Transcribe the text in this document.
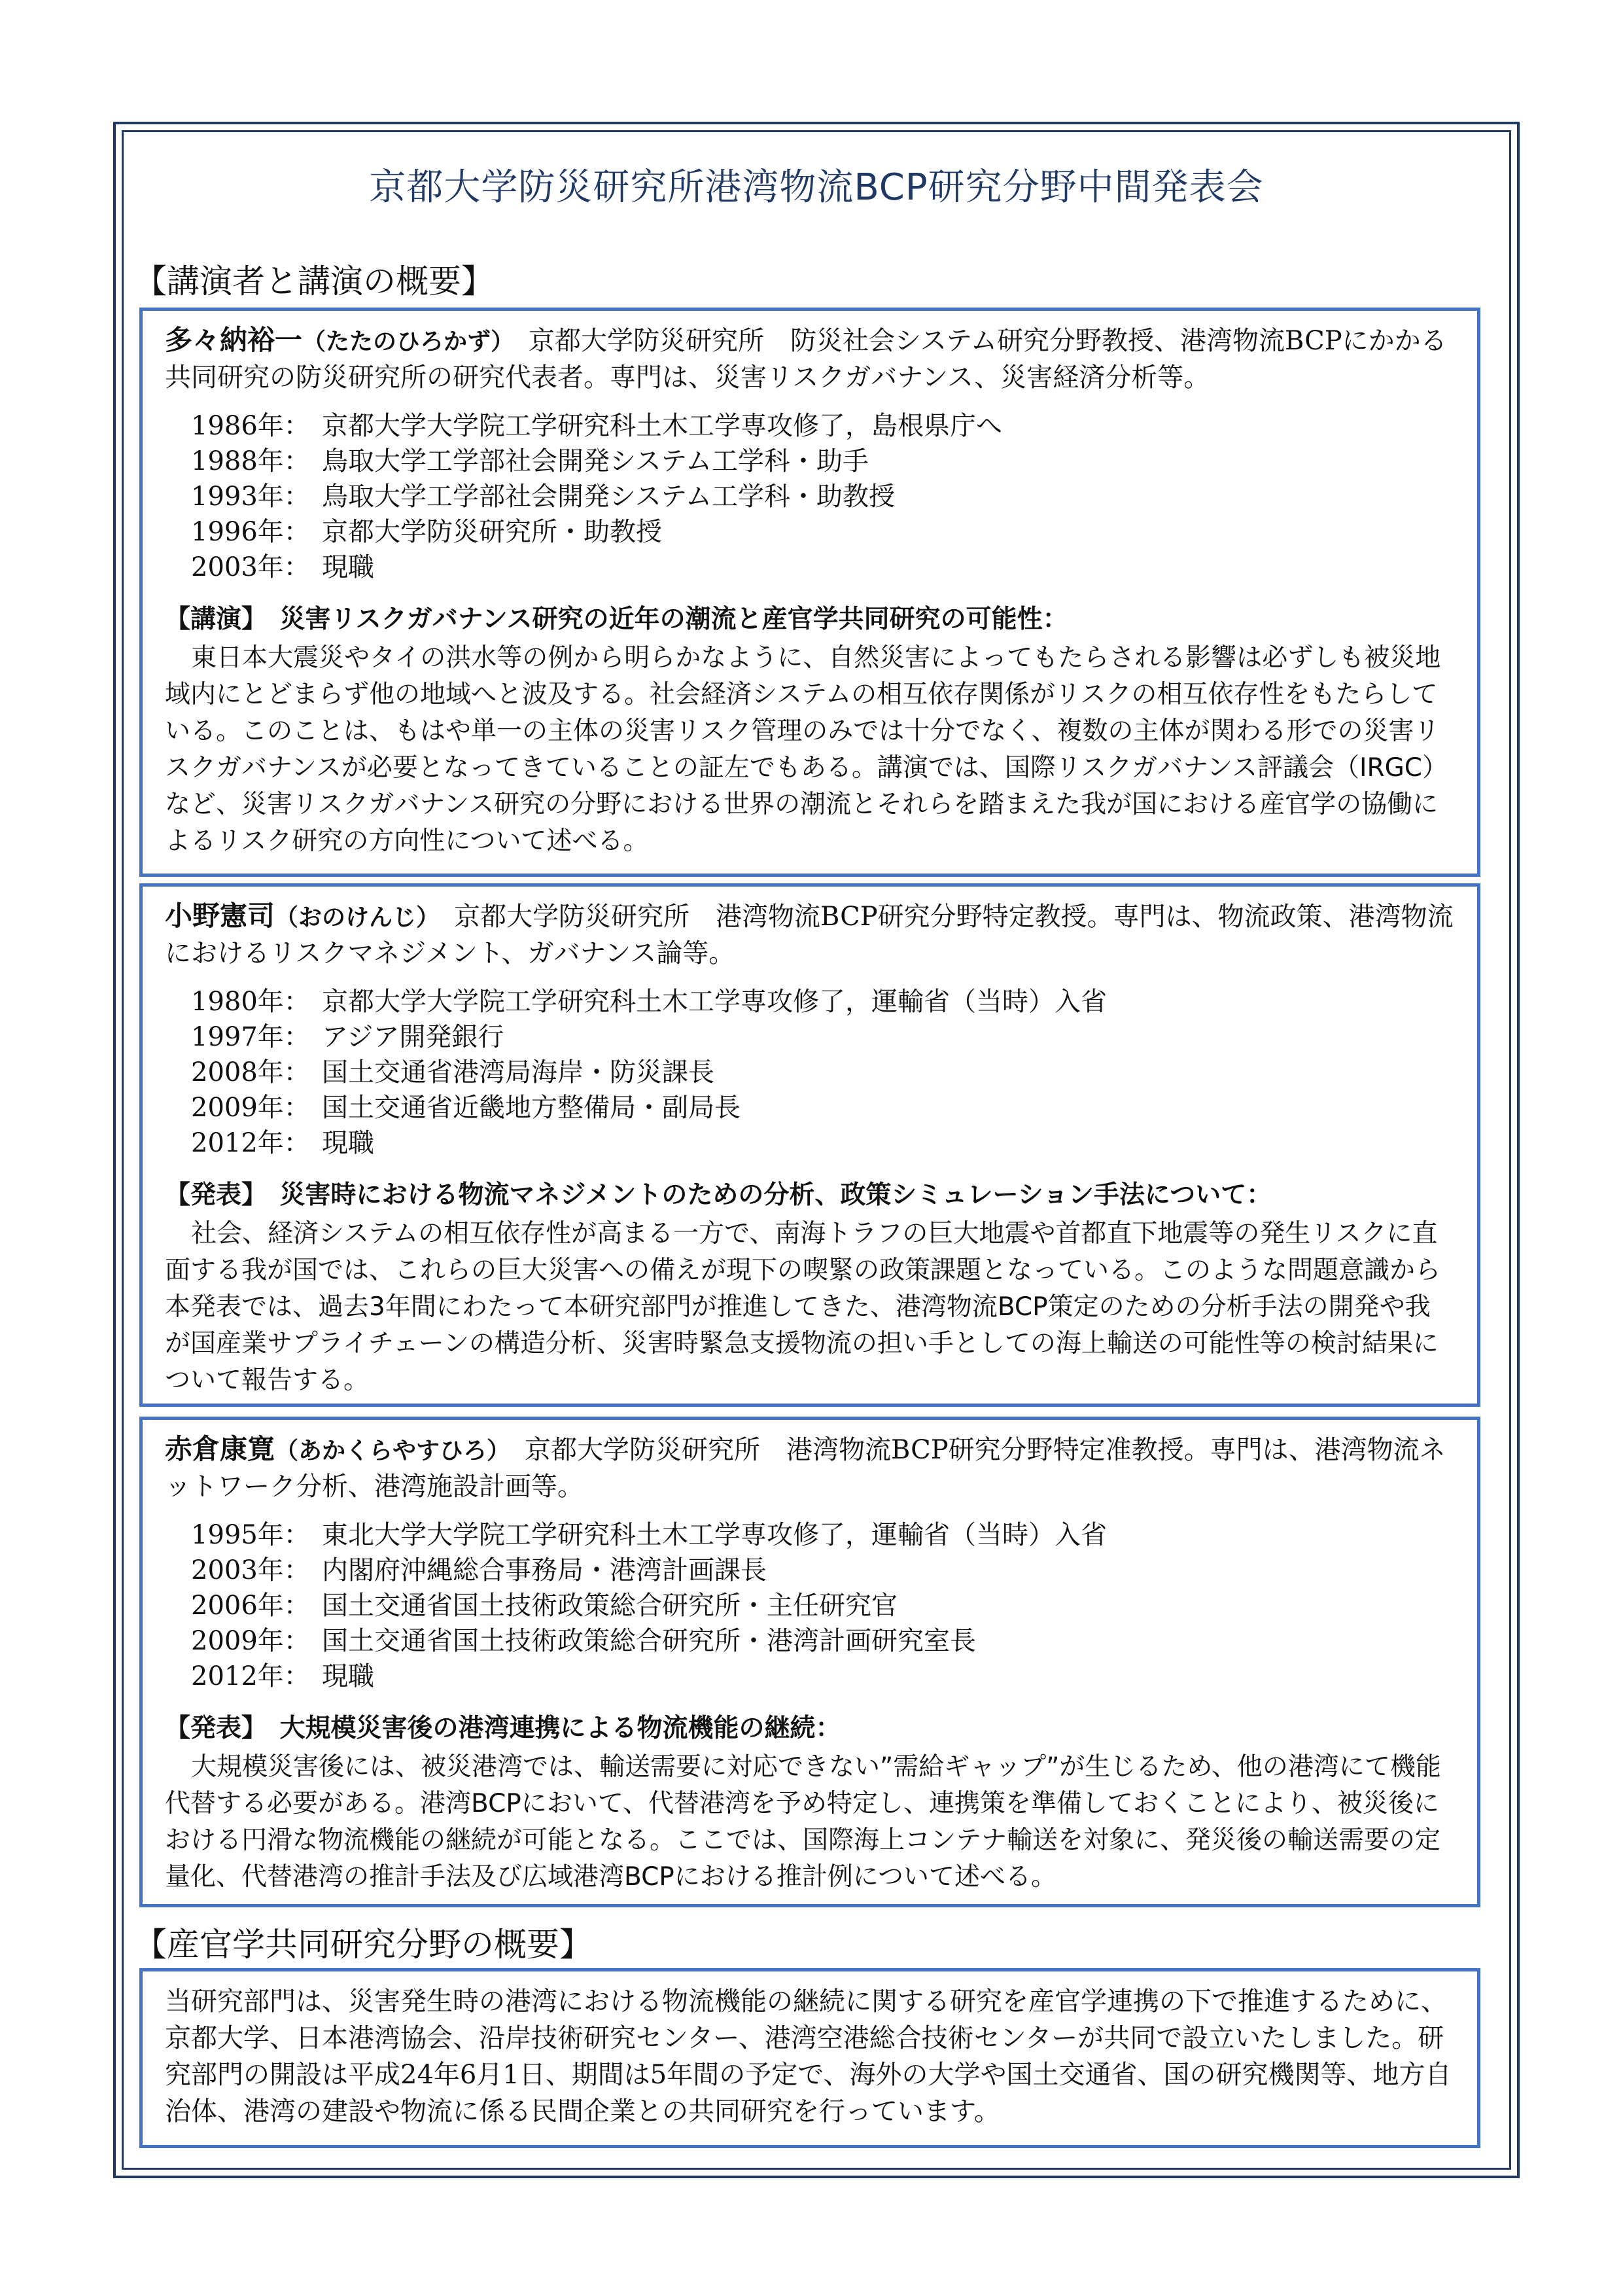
京都大学防災研究所港湾物流BCP研究分野中間発表会
【講演者と講演の概要】

多々納裕一（たたのひろかず）　 京都大学防災研究所　防災社会システム研究分野教授、港湾物流BCPにかかる共同研究の防災研究所の研究代表者。専門は、災害リスクガバナンス、災害経済分析等。

1986年： 京都大学大学院工学研究科土木工学専攻修了，島根県庁へ
1988年： 鳥取大学工学部社会開発システム工学科・助手
1993年： 鳥取大学工学部社会開発システム工学科・助教授
1996年： 京都大学防災研究所・助教授
2003年： 現職
【講演】　 災害リスクガバナンス研究の近年の潮流と産官学共同研究の可能性：

東日本大震災やタイの洪水等の例から明らかなように、自然災害によってもたらされる影響は必ずしも被災地域内にとどまらず他の地域へと波及する。社会経済システムの相互依存関係がリスクの相互依存性をもたらしている。このことは、もはや単一の主体の災害リスク管理のみでは十分でなく、複数の主体が関わる形での災害リスクガバナンスが必要となってきていることの証左でもある。講演では、国際リスクガバナンス評議会（IRGC）など、災害リスクガバナンス研究の分野における世界の潮流とそれらを踏まえた我が国における産官学の協働によるリスク研究の方向性について述べる。

小野憲司（おのけんじ）　 京都大学防災研究所　港湾物流BCP研究分野特定教授。専門は、物流政策、港湾物流におけるリスクマネジメント、ガバナンス論等。

1980年： 京都大学大学院工学研究科土木工学専攻修了，運輸省（当時）入省
1997年： アジア開発銀行
2008年： 国土交通省港湾局海岸・防災課長
2009年： 国土交通省近畿地方整備局・副局長
2012年： 現職
【発表】　 災害時における物流マネジメントのための分析、政策シミュレーション手法について：

社会、経済システムの相互依存性が高まる一方で、南海トラフの巨大地震や首都直下地震等の発生リスクに直面する我が国では、これらの巨大災害への備えが現下の喫緊の政策課題となっている。このような問題意識から本発表では、過去3年間にわたって本研究部門が推進してきた、港湾物流BCP策定のための分析手法の開発や我が国産業サプライチェーンの構造分析、災害時緊急支援物流の担い手としての海上輸送の可能性等の検討結果について報告する。

赤倉康寛（あかくらやすひろ）　 京都大学防災研究所　港湾物流BCP研究分野特定准教授。専門は、港湾物流ネットワーク分析、港湾施設計画等。

1995年： 東北大学大学院工学研究科土木工学専攻修了，運輸省（当時）入省
2003年： 内閣府沖縄総合事務局・港湾計画課長
2006年： 国土交通省国土技術政策総合研究所・主任研究官
2009年： 国土交通省国土技術政策総合研究所・港湾計画研究室長
2012年： 現職
【発表】　 大規模災害後の港湾連携による物流機能の継続：

大規模災害後には、被災港湾では、輸送需要に対応できない”需給ギャップ”が生じるため、他の港湾にて機能代替する必要がある。港湾BCPにおいて、代替港湾を予め特定し、連携策を準備しておくことにより、被災後における円滑な物流機能の継続が可能となる。ここでは、国際海上コンテナ輸送を対象に、発災後の輸送需要の定量化、代替港湾の推計手法及び広域港湾BCPにおける推計例について述べる。

【産官学共同研究分野の概要】

当研究部門は、災害発生時の港湾における物流機能の継続に関する研究を産官学連携の下で推進するために、京都大学、日本港湾協会、沿岸技術研究センター、港湾空港総合技術センターが共同で設立いたしました。研究部門の開設は平成24年6月1日、期間は5年間の予定で、海外の大学や国土交通省、国の研究機関等、地方自治体、港湾の建設や物流に係る民間企業との共同研究を行っています。
